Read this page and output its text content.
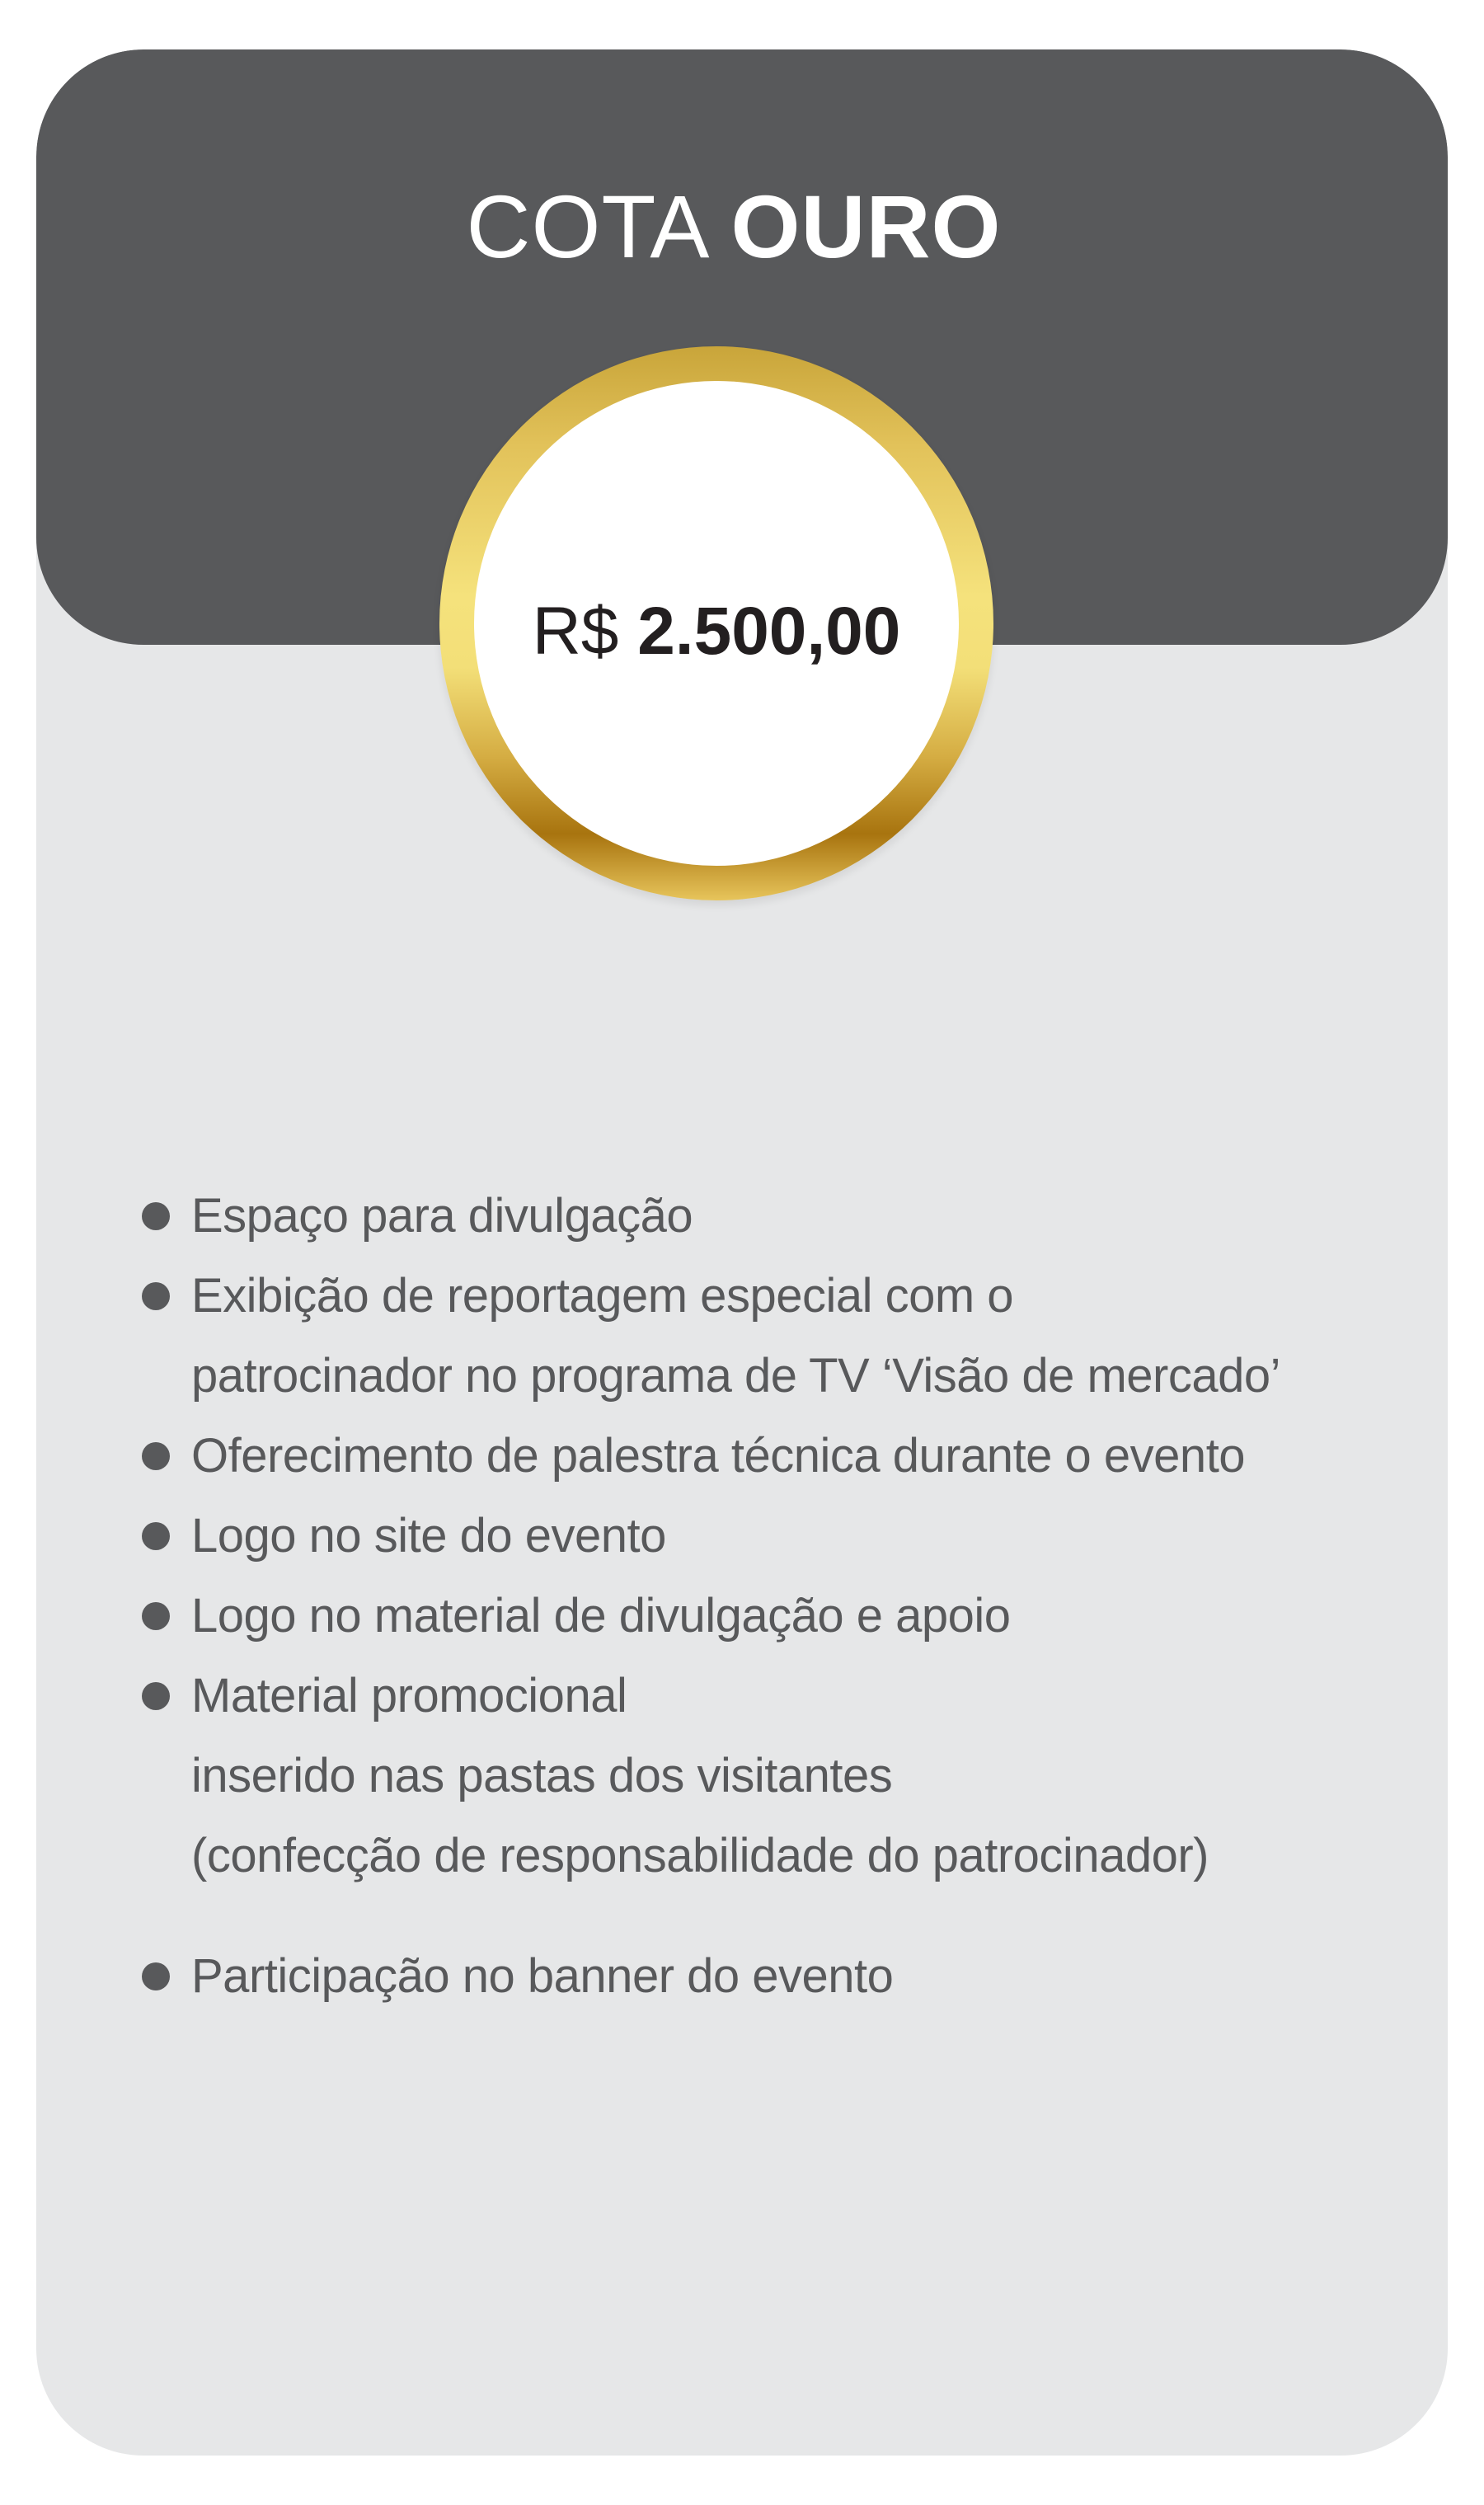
COTA OURO
R$ 2.500,00
Espaço para divulgação
Exibição de reportagem especial com o
patrocinador no programa de TV ‘Visão de mercado’
Oferecimento de palestra técnica durante o evento
Logo no site do evento
Logo no material de divulgação e apoio
Material promocional
inserido nas pastas dos visitantes
(confecção de responsabilidade do patrocinador)
Participação no banner do evento
